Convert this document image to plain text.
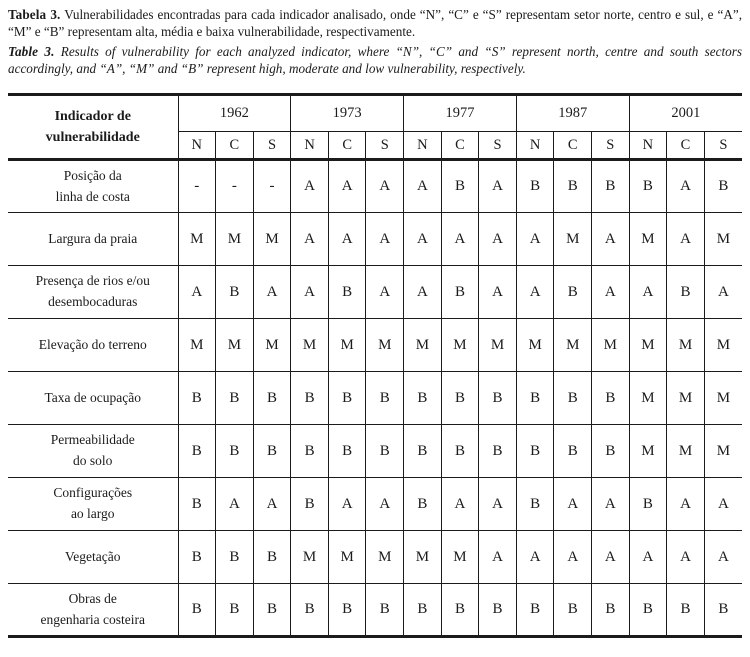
Tabela 3. Vulnerabilidades encontradas para cada indicador analisado, onde “N”, “C” e “S” representam setor norte, centro e sul, e “A”, “M” e “B” representam alta, média e baixa vulnerabilidade, respectivamente.

Table 3. Results of vulnerability for each analyzed indicator, where “N”, “C” and “S” represent north, centre and south sectors accordingly, and “A”, “M” and “B” represent high, moderate and low vulnerability, respectively.

Indicador de
vulnerabilidade	1962			1973			1977			1987			2001		
	N	C	S	N	C	S	N	C	S	N	C	S	N	C	S
Posição da
linha de costa	-	-	-	A	A	A	A	B	A	B	B	B	B	A	B
Largura da praia	M	M	M	A	A	A	A	A	A	A	M	A	M	A	M
Presença de rios e/ou
desembocaduras	A	B	A	A	B	A	A	B	A	A	B	A	A	B	A
Elevação do terreno	M	M	M	M	M	M	M	M	M	M	M	M	M	M	M
Taxa de ocupação	B	B	B	B	B	B	B	B	B	B	B	B	M	M	M
Permeabilidade
do solo	B	B	B	B	B	B	B	B	B	B	B	B	M	M	M
Configurações
ao largo	B	A	A	B	A	A	B	A	A	B	A	A	B	A	A
Vegetação	B	B	B	M	M	M	M	M	A	A	A	A	A	A	A
Obras de
engenharia costeira	B	B	B	B	B	B	B	B	B	B	B	B	B	B	B
